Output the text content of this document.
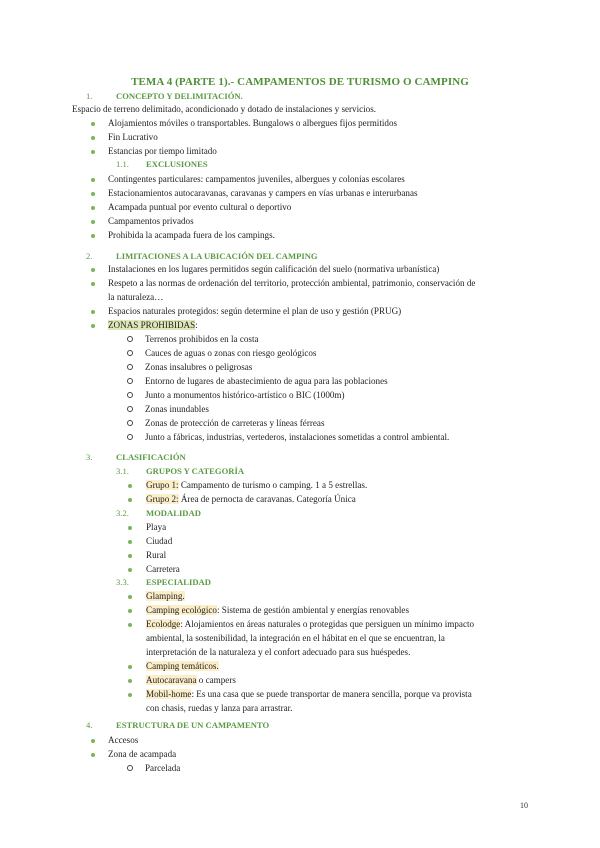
TEMA 4 (PARTE 1).- CAMPAMENTOS DE TURISMO O CAMPING
1.	CONCEPTO Y DELIMITACIÓN.
Espacio de terreno delimitado, acondicionado y dotado de instalaciones y servicios.
Alojamientos móviles o transportables. Bungalows o albergues fijos permitidos
Fin Lucrativo
Estancias por tiempo limitado
1.1. EXCLUSIONES
Contingentes particulares: campamentos juveniles, albergues y colonias escolares
Estacionamientos autocaravanas, caravanas y campers en vías urbanas e interurbanas
Acampada puntual por evento cultural o deportivo
Campamentos privados
Prohibida la acampada fuera de los campings.
2.	LIMITACIONES A LA UBICACIÓN DEL CAMPING
Instalaciones en los lugares permitidos según calificación del suelo (normativa urbanística)
Respeto a las normas de ordenación del territorio, protección ambiental, patrimonio, conservación de
la naturaleza…
Espacios naturales protegidos: según determine el plan de uso y gestión (PRUG)
ZONAS PROHIBIDAS:
Terrenos prohibidos en la costa
Cauces de aguas o zonas con riesgo geológicos
Zonas insalubres o peligrosas
Entorno de lugares de abastecimiento de agua para las poblaciones
Junto a monumentos histórico-artístico o BIC (1000m)
Zonas inundables
Zonas de protección de carreteras y líneas férreas
Junto a fábricas, industrias, vertederos, instalaciones sometidas a control ambiental.
3.	CLASIFICACIÓN
3.1. GRUPOS Y CATEGORÍA
Grupo 1: Campamento de turismo o camping. 1 a 5 estrellas.
Grupo 2: Área de pernocta de caravanas. Categoría Única
3.2. MODALIDAD
Playa
Ciudad
Rural
Carretera
3.3. ESPECIALIDAD
Glamping.
Camping ecológico: Sistema de gestión ambiental y energías renovables
Ecolodge: Alojamientos en áreas naturales o protegidas que persiguen un mínimo impacto
ambiental, la sostenibilidad, la integración en el hábitat en el que se encuentran, la
interpretación de la naturaleza y el confort adecuado para sus huéspedes.
Camping temáticos.
Autocaravana o campers
Mobil-home: Es una casa que se puede transportar de manera sencilla, porque va provista
con chasis, ruedas y lanza para arrastrar.
4.	ESTRUCTURA DE UN CAMPAMENTO
Accesos
Zona de acampada
Parcelada
10
